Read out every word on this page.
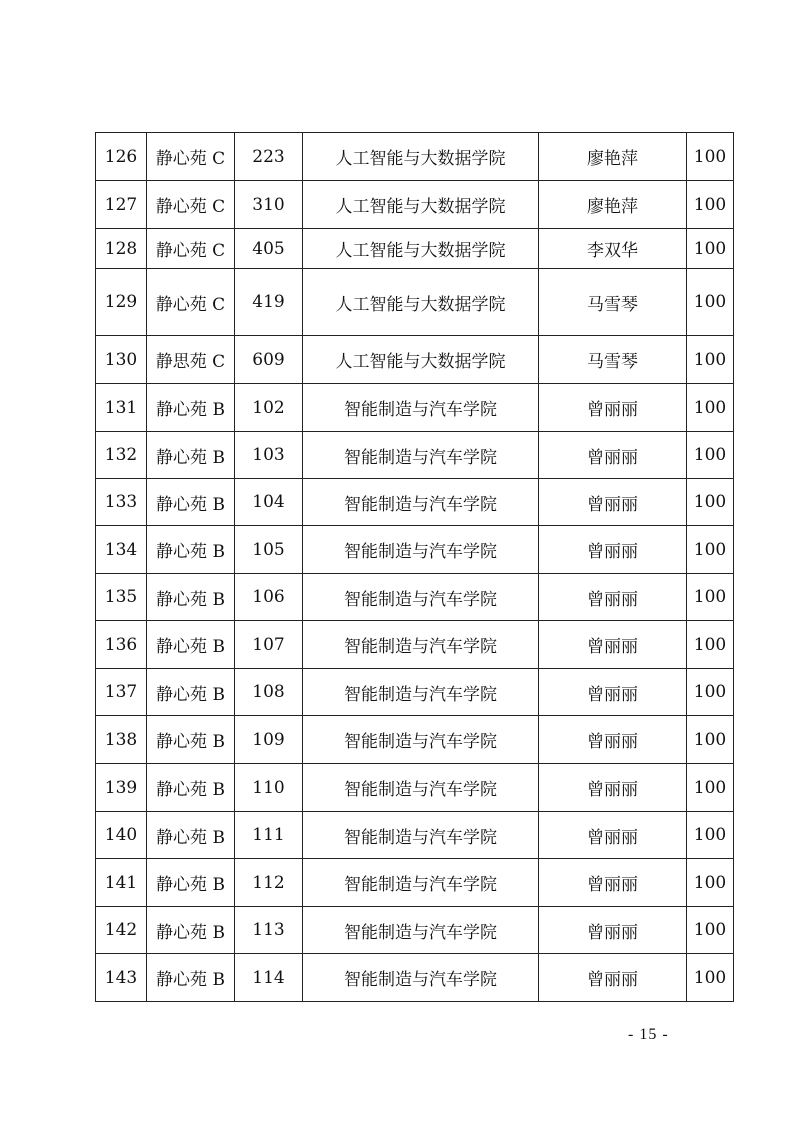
126	静心苑 C	223	人工智能与大数据学院	廖艳萍	100
127	静心苑 C	310	人工智能与大数据学院	廖艳萍	100
128	静心苑 C	405	人工智能与大数据学院	李双华	100
129	静心苑 C	419	人工智能与大数据学院	马雪琴	100
130	静思苑 C	609	人工智能与大数据学院	马雪琴	100
131	静心苑 B	102	智能制造与汽车学院	曾丽丽	100
132	静心苑 B	103	智能制造与汽车学院	曾丽丽	100
133	静心苑 B	104	智能制造与汽车学院	曾丽丽	100
134	静心苑 B	105	智能制造与汽车学院	曾丽丽	100
135	静心苑 B	106	智能制造与汽车学院	曾丽丽	100
136	静心苑 B	107	智能制造与汽车学院	曾丽丽	100
137	静心苑 B	108	智能制造与汽车学院	曾丽丽	100
138	静心苑 B	109	智能制造与汽车学院	曾丽丽	100
139	静心苑 B	110	智能制造与汽车学院	曾丽丽	100
140	静心苑 B	111	智能制造与汽车学院	曾丽丽	100
141	静心苑 B	112	智能制造与汽车学院	曾丽丽	100
142	静心苑 B	113	智能制造与汽车学院	曾丽丽	100
143	静心苑 B	114	智能制造与汽车学院	曾丽丽	100
- 15 -
